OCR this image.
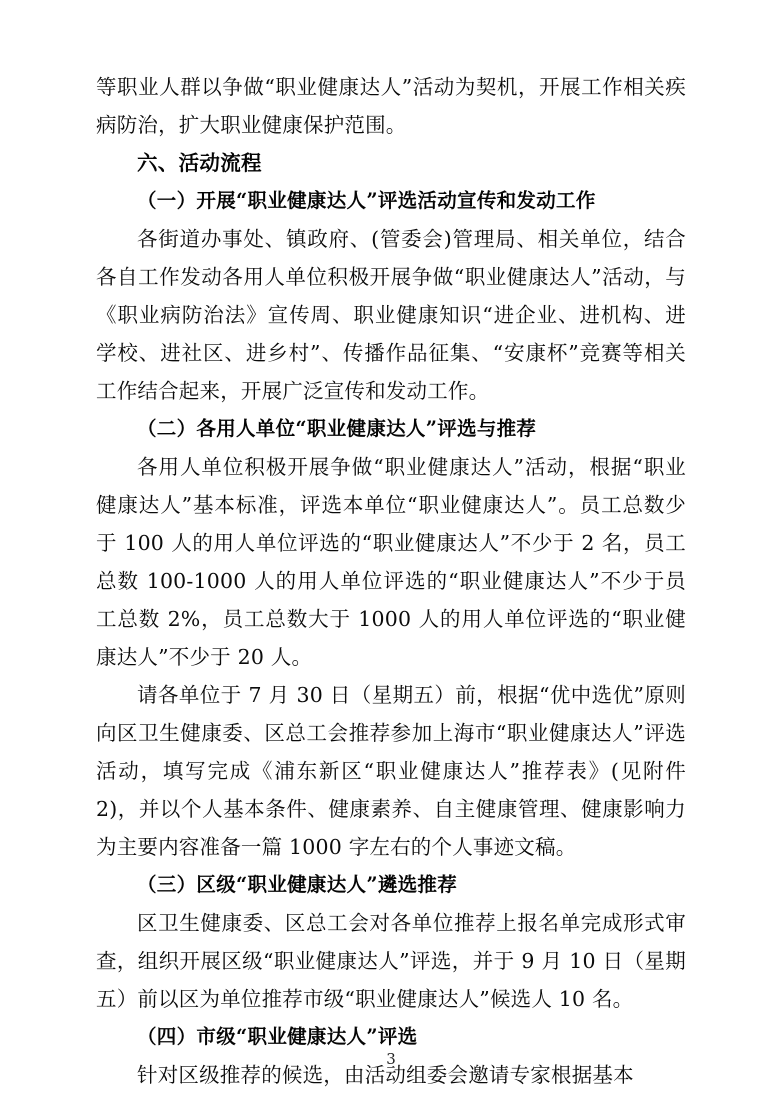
等职业人群以争做“职业健康达人”活动为契机，开展工作相关疾病防治，扩大职业健康保护范围。

六、活动流程

（一）开展“职业健康达人”评选活动宣传和发动工作

各街道办事处、镇政府、(管委会)管理局、相关单位，结合各自工作发动各用人单位积极开展争做“职业健康达人”活动，与《职业病防治法》宣传周、职业健康知识“进企业、进机构、进学校、进社区、进乡村”、传播作品征集、“安康杯”竞赛等相关工作结合起来，开展广泛宣传和发动工作。

（二）各用人单位“职业健康达人”评选与推荐

各用人单位积极开展争做“职业健康达人”活动，根据“职业健康达人”基本标准，评选本单位“职业健康达人”。员工总数少于 100 人的用人单位评选的“职业健康达人”不少于 2 名，员工总数 100-1000 人的用人单位评选的“职业健康达人”不少于员工总数 2%，员工总数大于 1000 人的用人单位评选的“职业健康达人”不少于 20 人。

请各单位于 7 月 30 日（星期五）前，根据“优中选优”原则向区卫生健康委、区总工会推荐参加上海市“职业健康达人”评选活动，填写完成《浦东新区“职业健康达人”推荐表》(见附件 2)，并以个人基本条件、健康素养、自主健康管理、健康影响力为主要内容准备一篇 1000 字左右的个人事迹文稿。

（三）区级“职业健康达人”遴选推荐

区卫生健康委、区总工会对各单位推荐上报名单完成形式审查，组织开展区级“职业健康达人”评选，并于 9 月 10 日（星期五）前以区为单位推荐市级“职业健康达人”候选人 10 名。

（四）市级“职业健康达人”评选

针对区级推荐的候选，由活动组委会邀请专家根据基本

3
